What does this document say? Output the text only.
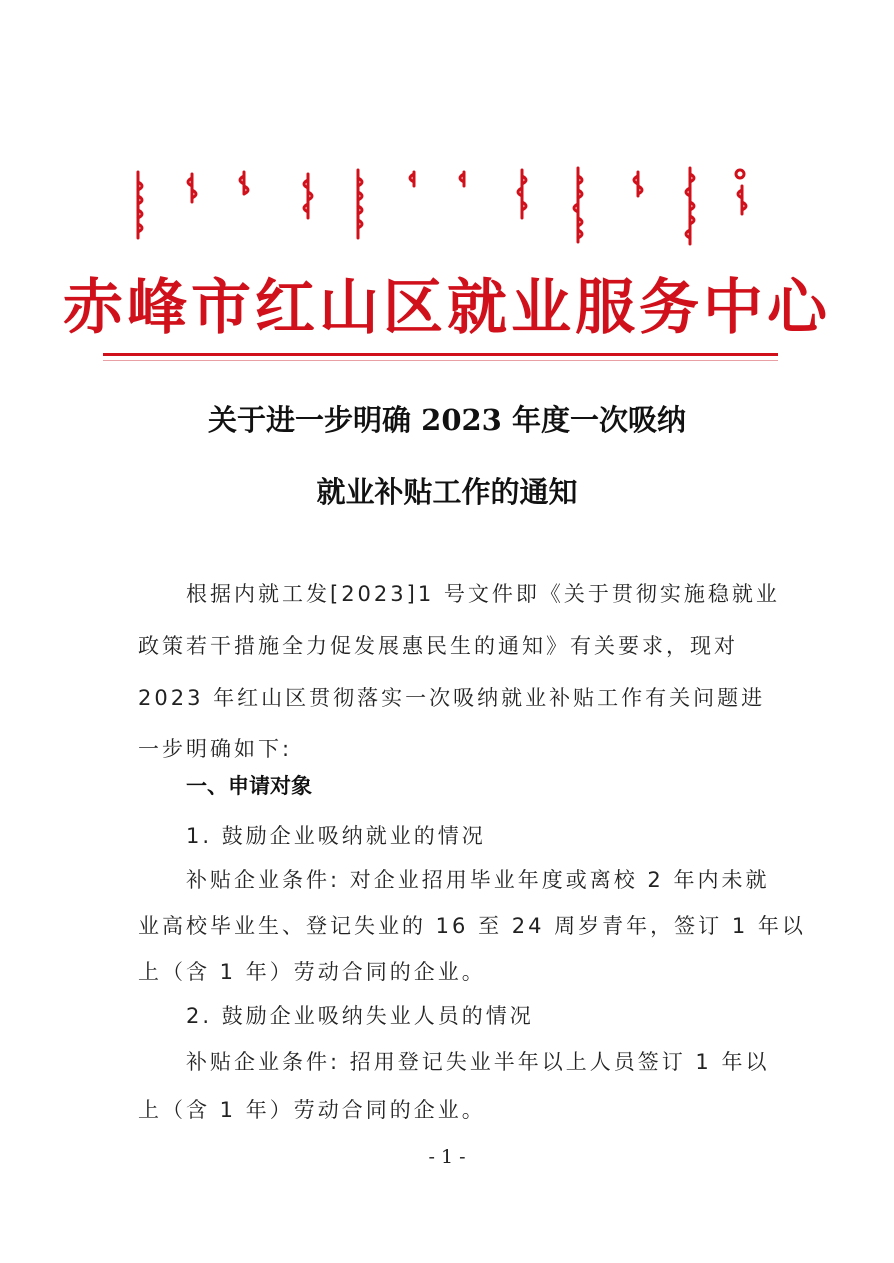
赤峰市红山区就业服务中心
关于进一步明确 2023 年度一次吸纳
就业补贴工作的通知
根据内就工发[2023]1 号文件即《关于贯彻实施稳就业
政策若干措施全力促发展惠民生的通知》有关要求，现对
2023 年红山区贯彻落实一次吸纳就业补贴工作有关问题进
一步明确如下:
一、申请对象
1. 鼓励企业吸纳就业的情况
补贴企业条件: 对企业招用毕业年度或离校 2 年内未就
业高校毕业生、登记失业的 16 至 24 周岁青年，签订 1 年以
上（含 1 年）劳动合同的企业。
2. 鼓励企业吸纳失业人员的情况
补贴企业条件: 招用登记失业半年以上人员签订 1 年以
上（含 1 年）劳动合同的企业。
- 1 -
